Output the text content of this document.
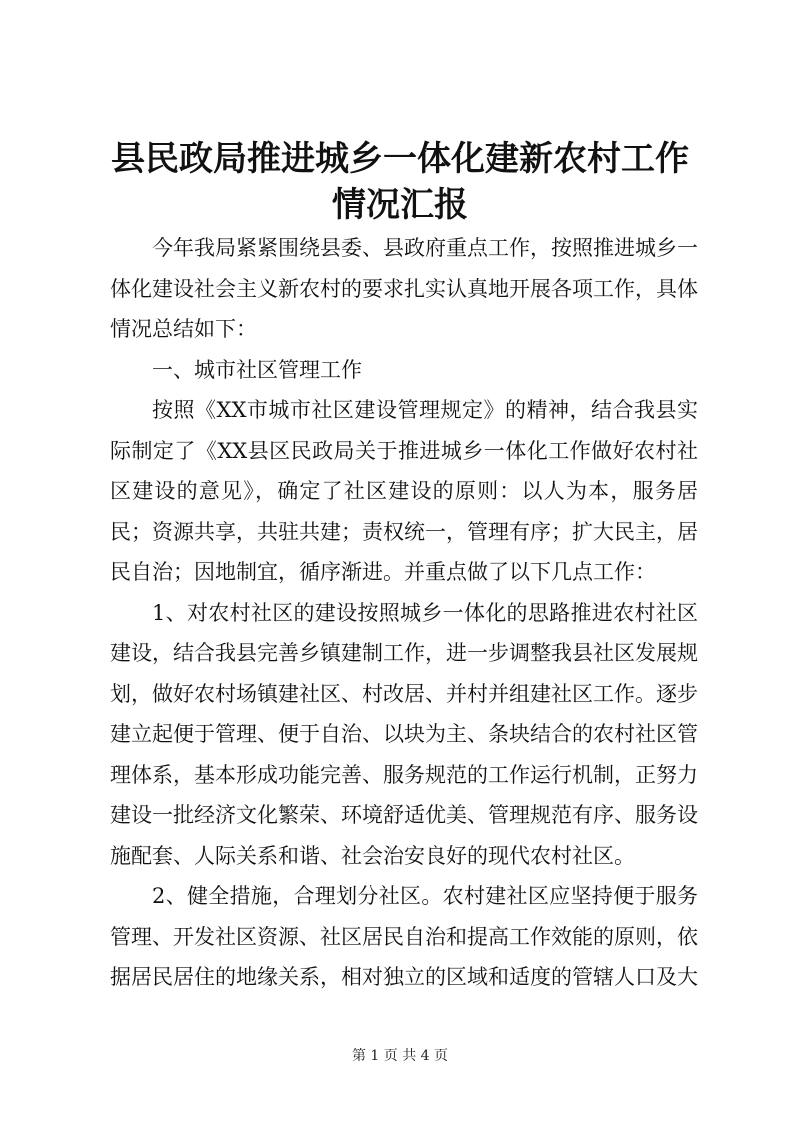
县民政局推进城乡一体化建新农村工作情况汇报

今年我局紧紧围绕县委、县政府重点工作，按照推进城乡一体化建设社会主义新农村的要求扎实认真地开展各项工作，具体情况总结如下：

一、城市社区管理工作

按照《XX市城市社区建设管理规定》的精神，结合我县实际制定了《XX县区民政局关于推进城乡一体化工作做好农村社区建设的意见》，确定了社区建设的原则：以人为本，服务居民；资源共享，共驻共建；责权统一，管理有序；扩大民主，居民自治；因地制宜，循序渐进。并重点做了以下几点工作：

1、对农村社区的建设按照城乡一体化的思路推进农村社区建设，结合我县完善乡镇建制工作，进一步调整我县社区发展规划，做好农村场镇建社区、村改居、并村并组建社区工作。逐步建立起便于管理、便于自治、以块为主、条块结合的农村社区管理体系，基本形成功能完善、服务规范的工作运行机制，正努力建设一批经济文化繁荣、环境舒适优美、管理规范有序、服务设施配套、人际关系和谐、社会治安良好的现代农村社区。

2、健全措施，合理划分社区。农村建社区应坚持便于服务管理、开发社区资源、社区居民自治和提高工作效能的原则，依据居民居住的地缘关系，相对独立的区域和适度的管辖人口及大

第 1 页 共 4 页
